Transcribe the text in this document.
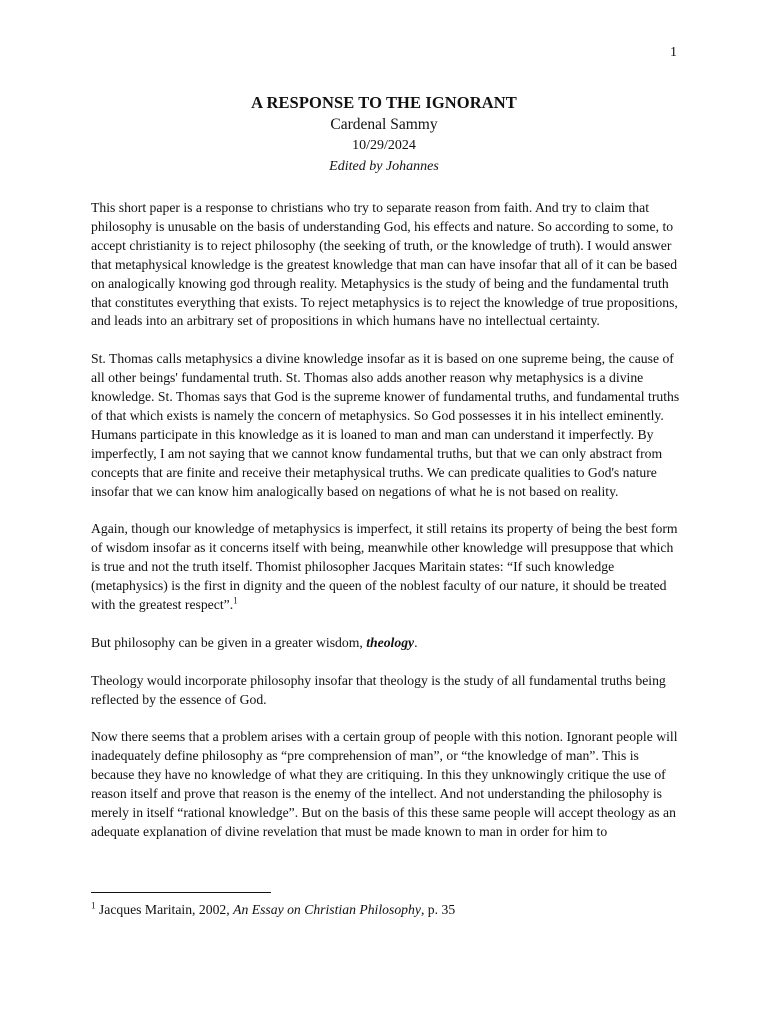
1
A RESPONSE TO THE IGNORANT
Cardenal Sammy
10/29/2024
Edited by Johannes

This short paper is a response to christians who try to separate reason from faith. And try to claim that philosophy is unusable on the basis of understanding God, his effects and nature. So according to some, to accept christianity is to reject philosophy (the seeking of truth, or the knowledge of truth). I would answer that metaphysical knowledge is the greatest knowledge that man can have insofar that all of it can be based on analogically knowing god through reality. Metaphysics is the study of being and the fundamental truth that constitutes everything that exists. To reject metaphysics is to reject the knowledge of true propositions, and leads into an arbitrary set of propositions in which humans have no intellectual certainty.

St. Thomas calls metaphysics a divine knowledge insofar as it is based on one supreme being, the cause of all other beings' fundamental truth. St. Thomas also adds another reason why metaphysics is a divine knowledge. St. Thomas says that God is the supreme knower of fundamental truths, and fundamental truths of that which exists is namely the concern of metaphysics. So God possesses it in his intellect eminently. Humans participate in this knowledge as it is loaned to man and man can understand it imperfectly. By imperfectly, I am not saying that we cannot know fundamental truths, but that we can only abstract from concepts that are finite and receive their metaphysical truths. We can predicate qualities to God's nature insofar that we can know him analogically based on negations of what he is not based on reality.

Again, though our knowledge of metaphysics is imperfect, it still retains its property of being the best form of wisdom insofar as it concerns itself with being, meanwhile other knowledge will presuppose that which is true and not the truth itself. Thomist philosopher Jacques Maritain states: “If such knowledge (metaphysics) is the first in dignity and the queen of the noblest faculty of our nature, it should be treated with the greatest respect”.$^1$

But philosophy can be given in a greater wisdom, theology.

Theology would incorporate philosophy insofar that theology is the study of all fundamental truths being reflected by the essence of God.

Now there seems that a problem arises with a certain group of people with this notion. Ignorant people will inadequately define philosophy as “pre comprehension of man”, or “the knowledge of man”. This is because they have no knowledge of what they are critiquing. In this they unknowingly critique the use of reason itself and prove that reason is the enemy of the intellect. And not understanding the philosophy is merely in itself “rational knowledge”. But on the basis of this these same people will accept theology as an adequate explanation of divine revelation that must be made known to man in order for him to

$^1$ Jacques Maritain, 2002, An Essay on Christian Philosophy, p. 35
